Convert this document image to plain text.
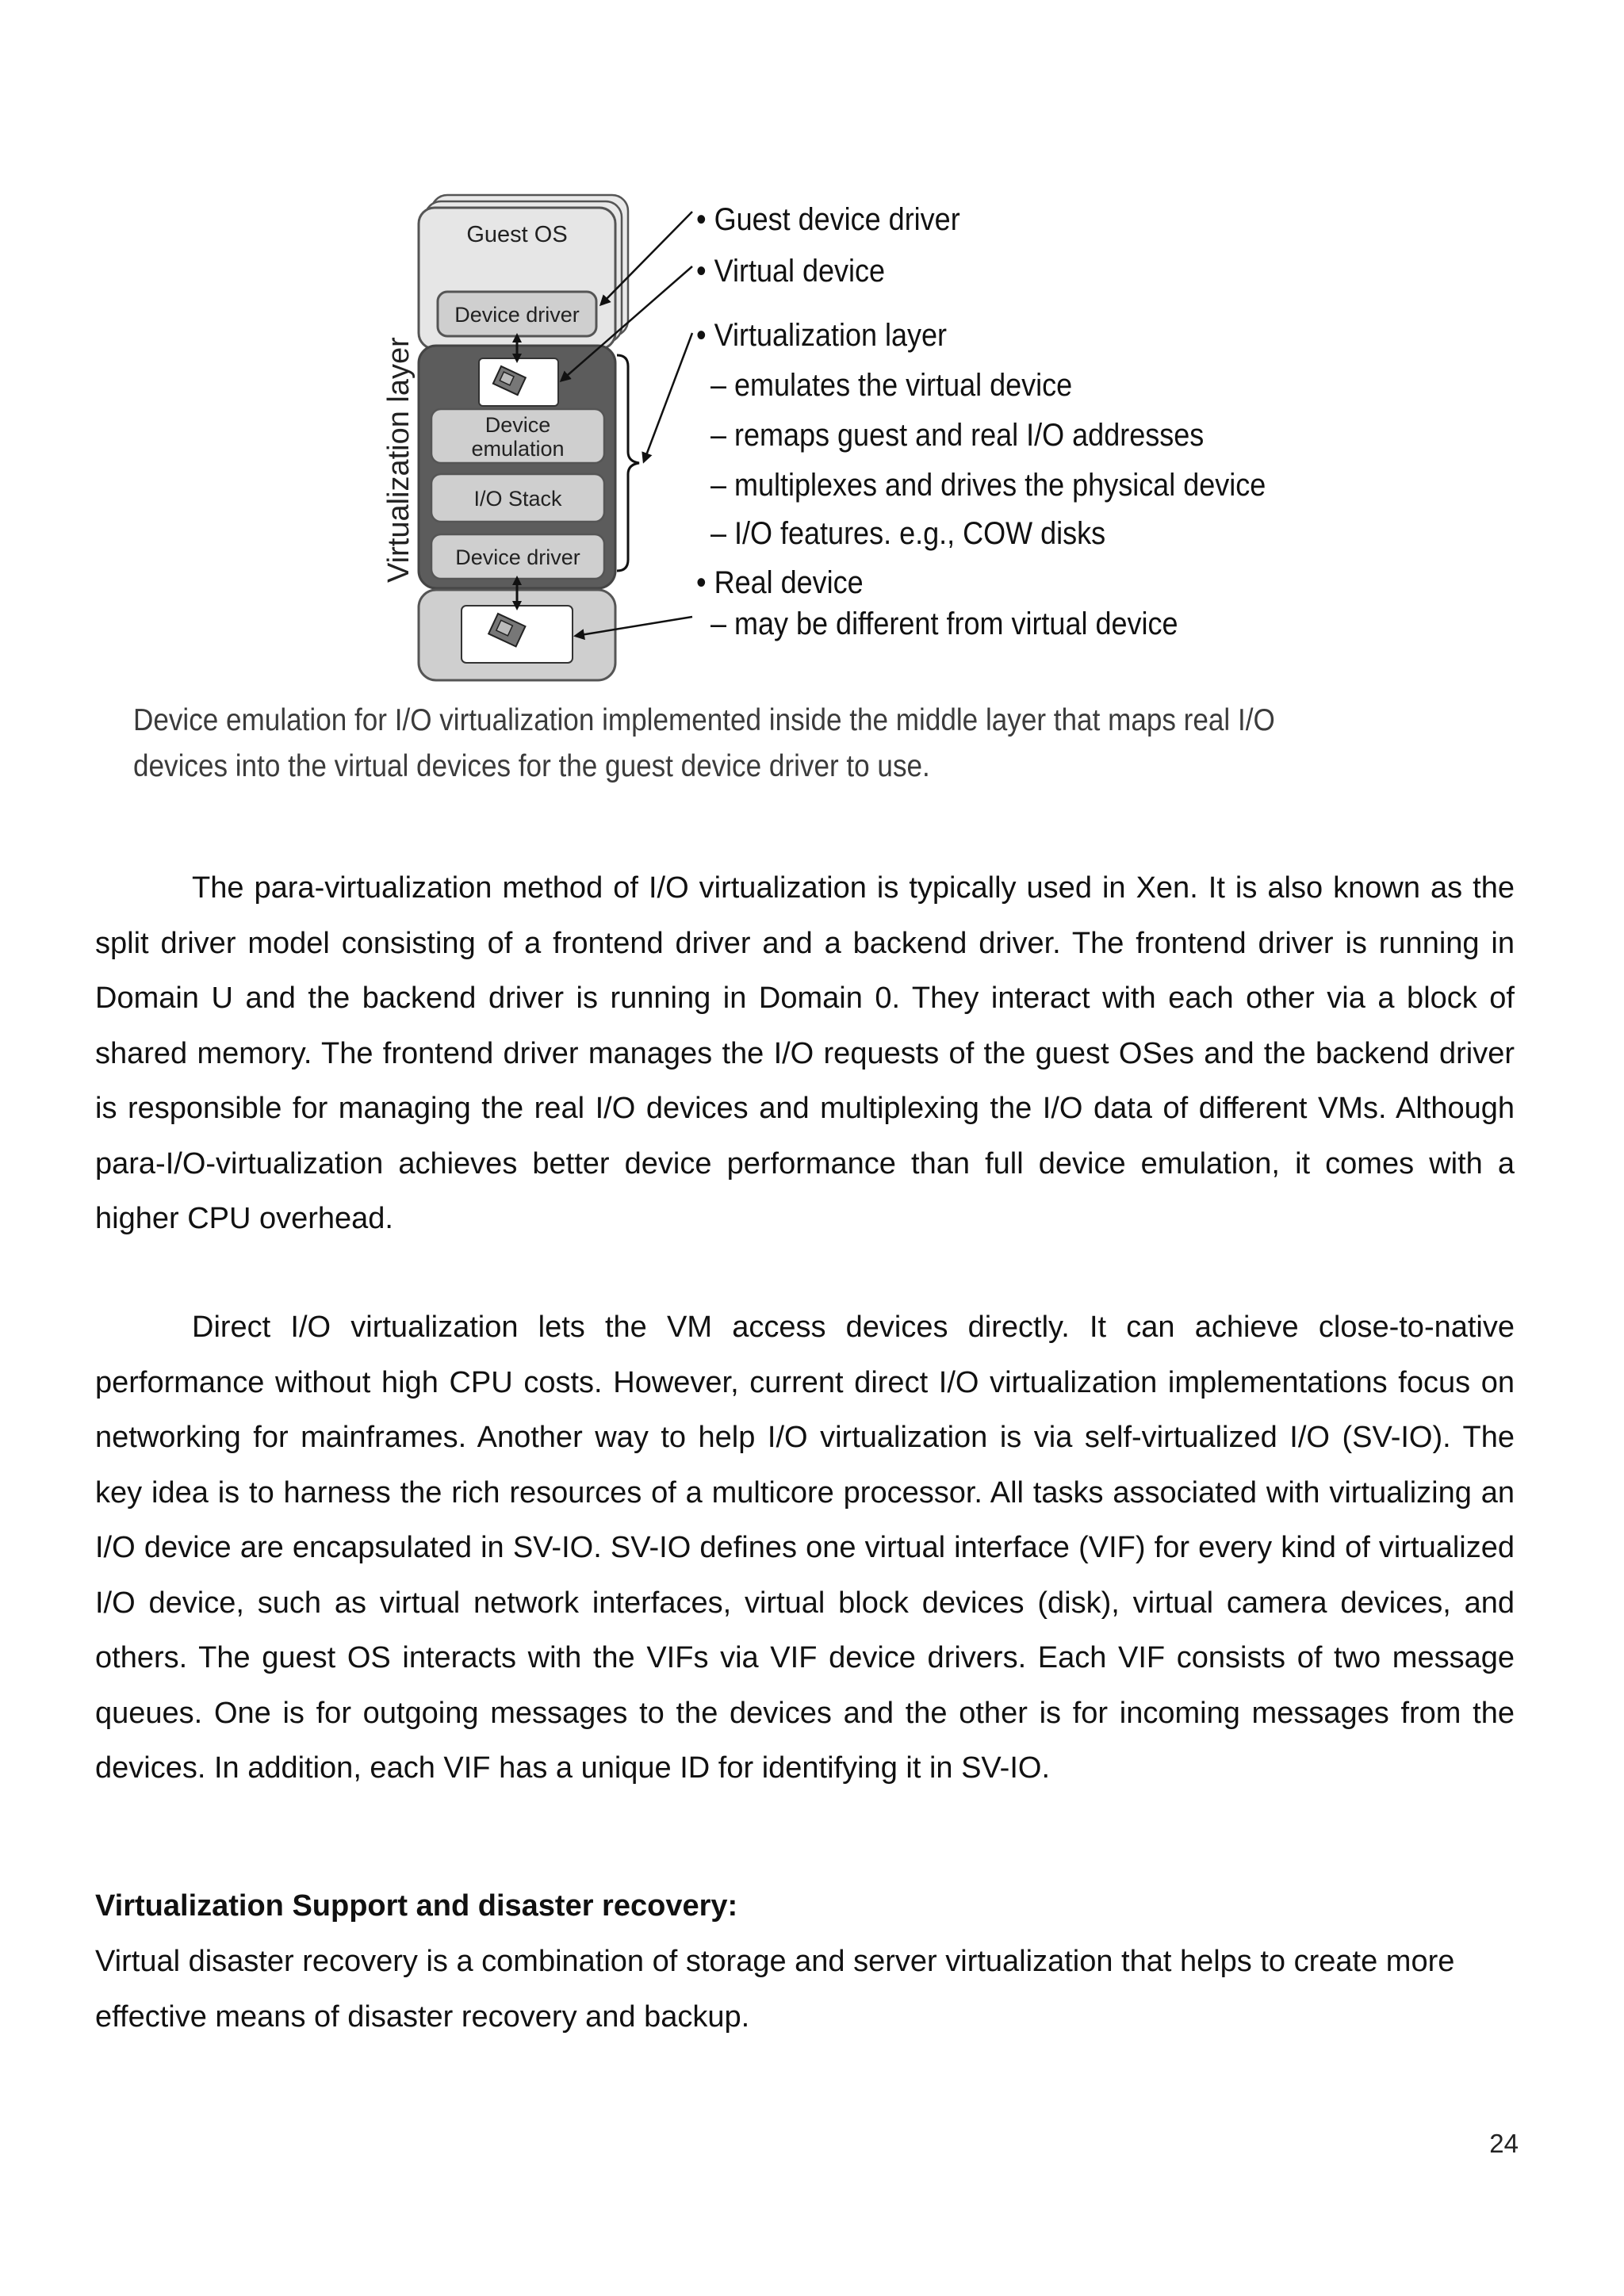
Virtualization layer
Guest OS
Device driver
Device
emulation
I/O Stack
Device driver
• Guest device driver
• Virtual device
• Virtualization layer
– emulates the virtual device
– remaps guest and real I/O addresses
– multiplexes and drives the physical device
– I/O features. e.g., COW disks
• Real device
– may be different from virtual device
Device emulation for I/O virtualization implemented inside the middle layer that maps real I/O devices into the virtual devices for the guest device driver to use.

The para-virtualization method of I/O virtualization is typically used in Xen. It is also known as the split driver model consisting of a frontend driver and a backend driver. The frontend driver is running in Domain U and the backend driver is running in Domain 0. They interact with each other via a block of shared memory. The frontend driver manages the I/O requests of the guest OSes and the backend driver is responsible for managing the real I/O devices and multiplexing the I/O data of different VMs. Although para-I/O-virtualization achieves better device performance than full device emulation, it comes with a higher CPU overhead.

Direct I/O virtualization lets the VM access devices directly. It can achieve close-to-native performance without high CPU costs. However, current direct I/O virtualization implementations focus on networking for mainframes. Another way to help I/O virtualization is via self-virtualized I/O (SV-IO). The key idea is to harness the rich resources of a multicore processor. All tasks associated with virtualizing an I/O device are encapsulated in SV-IO. SV-IO defines one virtual interface (VIF) for every kind of virtualized I/O device, such as virtual network interfaces, virtual block devices (disk), virtual camera devices, and others. The guest OS interacts with the VIFs via VIF device drivers. Each VIF consists of two message queues. One is for outgoing messages to the devices and the other is for incoming messages from the devices. In addition, each VIF has a unique ID for identifying it in SV-IO.

Virtualization Support and disaster recovery:

Virtual disaster recovery is a combination of storage and server virtualization that helps to create more effective means of disaster recovery and backup.

24
